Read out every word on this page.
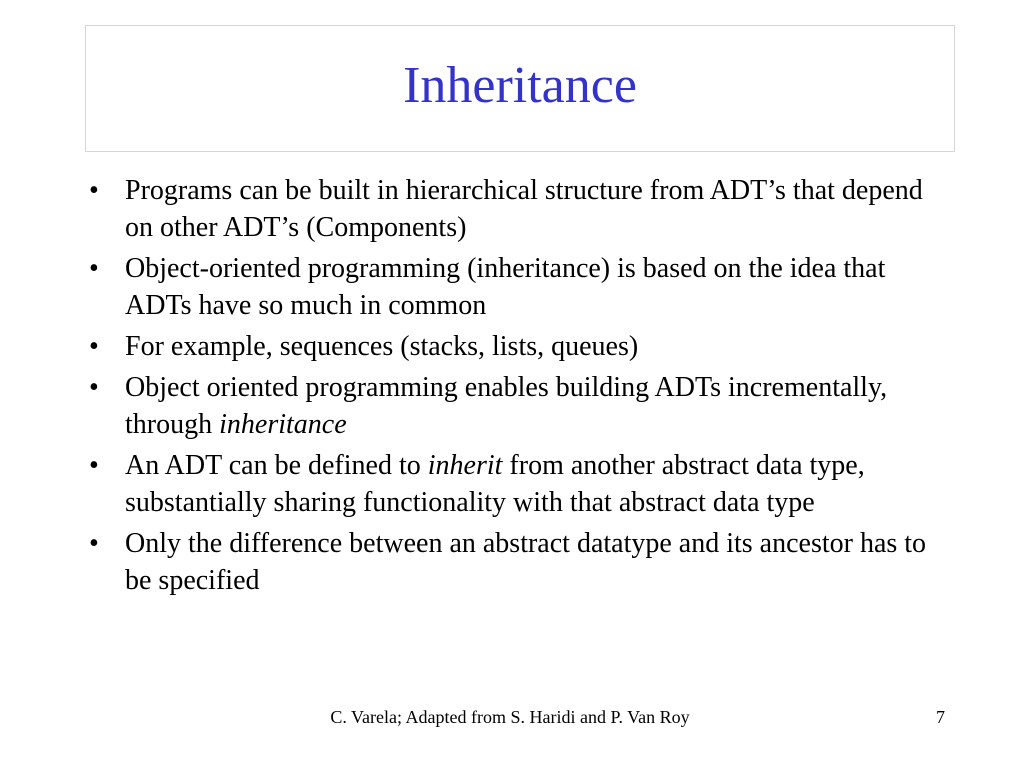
Inheritance
• Programs can be built in hierarchical structure from ADT’s that depend on other ADT’s (Components)
• Object-oriented programming (inheritance) is based on the idea that ADTs have so much in common
• For example, sequences (stacks, lists, queues)
• Object oriented programming enables building ADTs incrementally, through inheritance
• An ADT can be defined to inherit from another abstract data type, substantially sharing functionality with that abstract data type
• Only the difference between an abstract datatype and its ancestor has to be specified
C. Varela; Adapted from S. Haridi and P. Van Roy	7
